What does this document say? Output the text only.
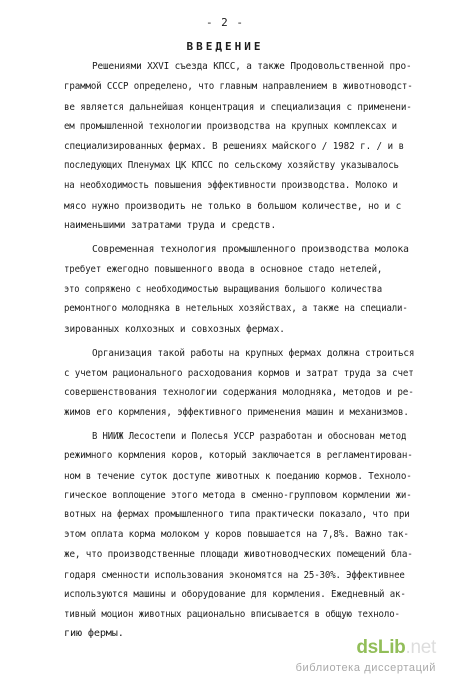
- 2 -
ВВЕДЕНИЕ
Решениями XXVI съезда КПСС, а также Продовольственной про-
граммой СССР определено, что главным направлением в животноводст-
ве является дальнейшая концентрация и специализация с применени-
ем промышленной технологии производства на крупных комплексах и
специализированных фермах. В решениях майского / 1982 г. / и в
последующих Пленумах ЦК КПСС по сельскому хозяйству указывалось
на необходимость повышения эффективности производства. Молоко и
мясо нужно производить не только в большом количестве, но и с
наименьшими затратами труда и средств.
Современная технология промышленного производства молока
требует ежегодно повышенного ввода в основное стадо нетелей,
это сопряжено с необходимостью выращивания большого количества
ремонтного молодняка в нетельных хозяйствах, а также на специали-
зированных колхозных и совхозных фермах.
Организация такой работы на крупных фермах должна строиться
с учетом рационального расходования кормов и затрат труда за счет
совершенствования технологии содержания молодняка, методов и ре-
жимов его кормления, эффективного применения машин и механизмов.
В НИИЖ Лесостепи и Полесья УССР разработан и обоснован метод
режимного кормления коров, который заключается в регламентирован-
ном в течение суток доступе животных к поеданию кормов. Техноло-
гическое воплощение этого метода в сменно-групповом кормлении жи-
вотных на фермах промышленного типа практически показало, что при
этом оплата корма молоком у коров повышается на 7,8%. Важно так-
же, что производственные площади животноводческих помещений бла-
годаря сменности использования экономятся на 25-30%. Эффективнее
используются машины и оборудование для кормления. Ежедневный ак-
тивный моцион животных рационально вписывается в общую техноло-
гию фермы.
dsLib.net
библиотека диссертаций
